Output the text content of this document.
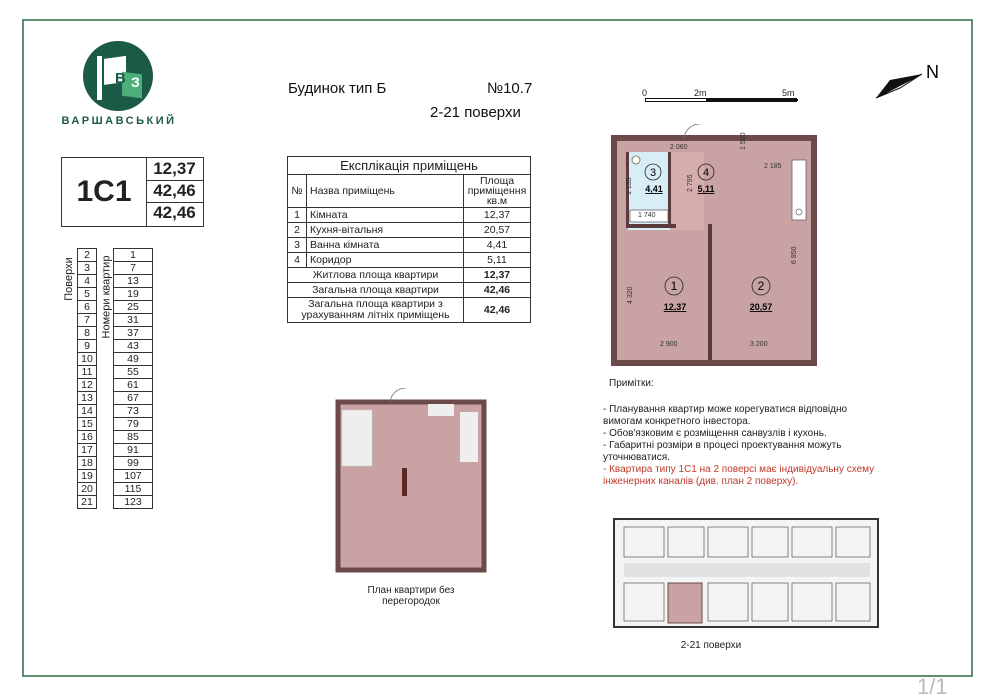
В З
ВАРШАВСЬКИЙ
Будинок тип Б	№10.7
2-21 поверхи
1С1
12,37
42,46
42,46
Поверхи	2	Номери квартир	1
	3		7
	4		13
	5		19
	6		25
	7		31
	8		37
	9		43
	10		49
	11		55
	12		61
	13		67
	14		73
	15		79
	16		85
	17		91
	18		99
	19		107
	20		115
	21		123
Експлікація приміщень		
№	Назва приміщень	Площа приміщення кв.м
1	Кімната	12,37
2	Кухня-вітальня	20,57
3	Ванна кімната	4,41
4	Коридор	5,11
Житлова площа квартири		12,37
Загальна площа квартири		42,46
Загальна площа квартири з урахуванням літніх приміщень		42,46
N
0	2m	5m
3
4,41
4
5,11
1
12,37
2
20,57
2 060	1 560
2 185
2 795
1 740
6 850
4 320
2 900	3 200
1 135
План квартири без перегородок
Примітки:

- Планування квартир може корегуватися відповідно вимогам конкретного інвестора.

- Обов'язковим є розміщення санвузлів і кухонь.

- Габаритні розміри в процесі проектування можуть уточнюватися.

- Квартира типу 1С1 на 2 поверсі має індивідуальну схему інженерних каналів (див. план 2 поверху).

2-21 поверхи
1/1
